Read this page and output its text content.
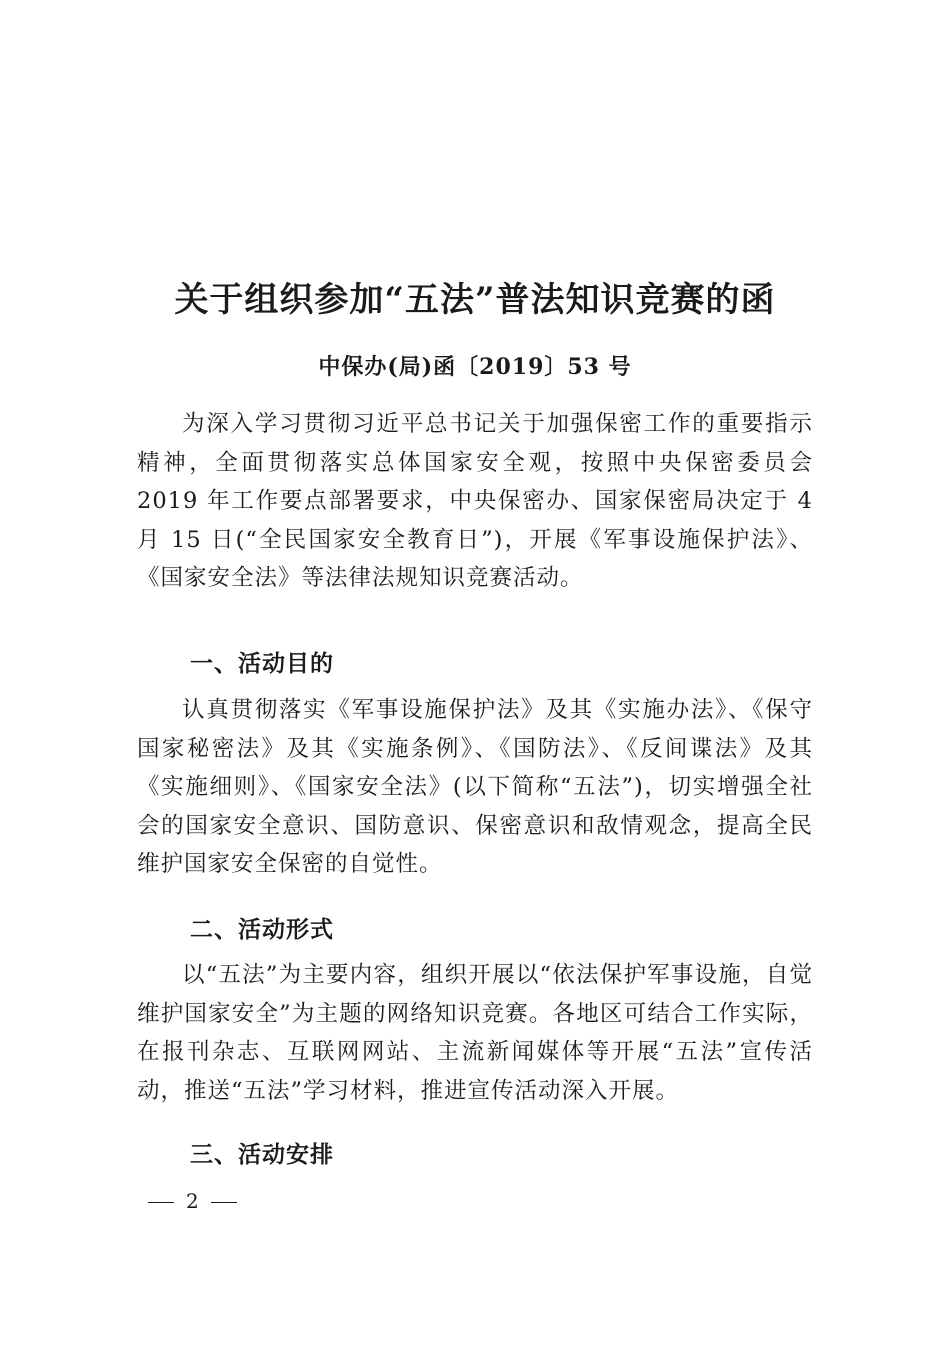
关于组织参加“五法”普法知识竞赛的函
中保办(局)函〔2019〕53 号

为深入学习贯彻习近平总书记关于加强保密工作的重要指示精神，全面贯彻落实总体国家安全观，按照中央保密委员会 2019 年工作要点部署要求，中央保密办、国家保密局决定于 4 月 15 日(“全民国家安全教育日”)，开展《军事设施保护法》、《国家安全法》等法律法规知识竞赛活动。

一、活动目的

认真贯彻落实《军事设施保护法》及其《实施办法》、《保守国家秘密法》及其《实施条例》、《国防法》、《反间谍法》及其《实施细则》、《国家安全法》(以下简称“五法”)，切实增强全社会的国家安全意识、国防意识、保密意识和敌情观念，提高全民维护国家安全保密的自觉性。

二、活动形式

以“五法”为主要内容，组织开展以“依法保护军事设施，自觉维护国家安全”为主题的网络知识竞赛。各地区可结合工作实际，在报刊杂志、互联网网站、主流新闻媒体等开展“五法”宣传活动，推送“五法”学习材料，推进宣传活动深入开展。

三、活动安排
2
